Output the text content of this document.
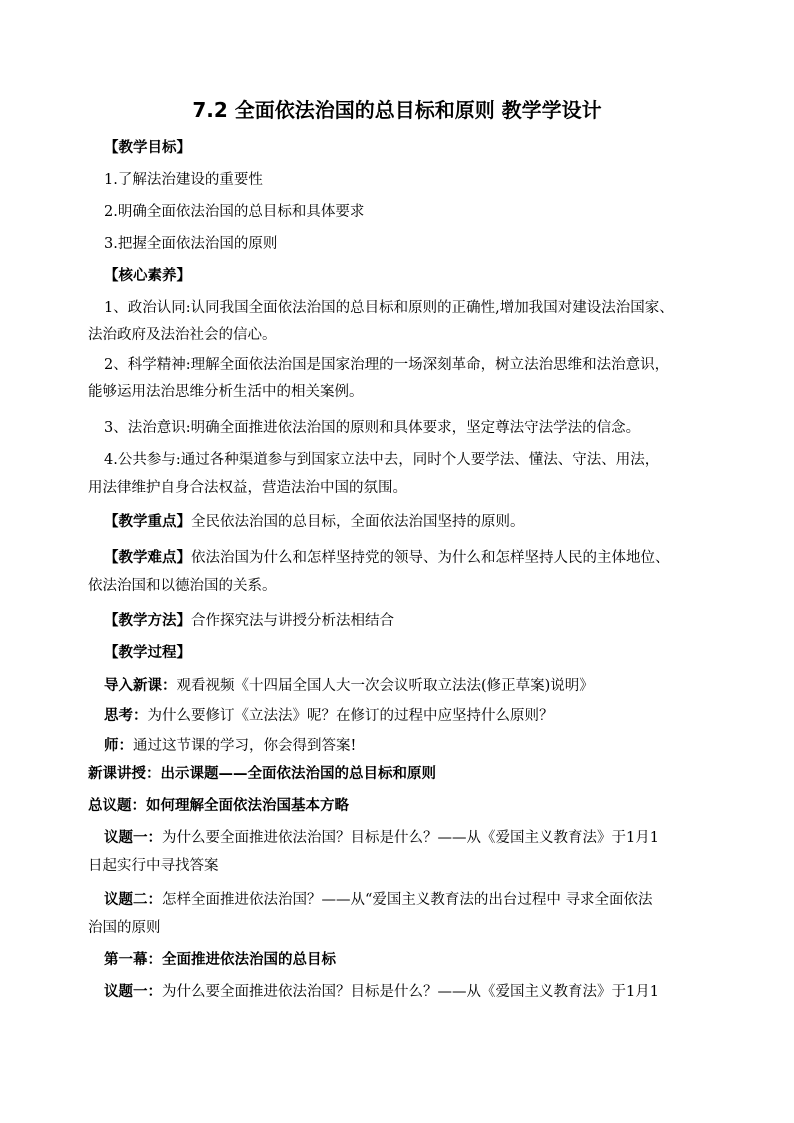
7.2 全面依法治国的总目标和原则 教学学设计
【教学目标】
1.了解法治建设的重要性
2.明确全面依法治国的总目标和具体要求
3.把握全面依法治国的原则
【核心素养】
1、政治认同:认同我国全面依法治国的总目标和原则的正确性,增加我国对建设法治国家、
法治政府及法治社会的信心。
2、科学精神:理解全面依法治国是国家治理的一场深刻革命，树立法治思维和法治意识，
能够运用法治思维分析生活中的相关案例。
3、法治意识:明确全面推进依法治国的原则和具体要求，坚定尊法守法学法的信念。
4.公共参与:通过各种渠道参与到国家立法中去，同时个人要学法、懂法、守法、用法，
用法律维护自身合法权益，营造法治中国的氛围。
【教学重点】全民依法治国的总目标，全面依法治国坚持的原则。
【教学难点】依法治国为什么和怎样坚持党的领导、为什么和怎样坚持人民的主体地位、
依法治国和以德治国的关系。
【教学方法】合作探究法与讲授分析法相结合
【教学过程】
导入新课：观看视频《十四届全国人大一次会议听取立法法(修正草案)说明》
思考：为什么要修订《立法法》呢？在修订的过程中应坚持什么原则？
师：通过这节课的学习，你会得到答案!
新课讲授：出示课题——全面依法治国的总目标和原则
总议题：如何理解全面依法治国基本方略
议题一：为什么要全面推进依法治国？目标是什么？——从《爱国主义教育法》于1月1
日起实行中寻找答案
议题二：怎样全面推进依法治国？——从“爱国主义教育法的出台过程中 寻求全面依法
治国的原则
第一幕：全面推进依法治国的总目标
议题一：为什么要全面推进依法治国？目标是什么？——从《爱国主义教育法》于1月1
